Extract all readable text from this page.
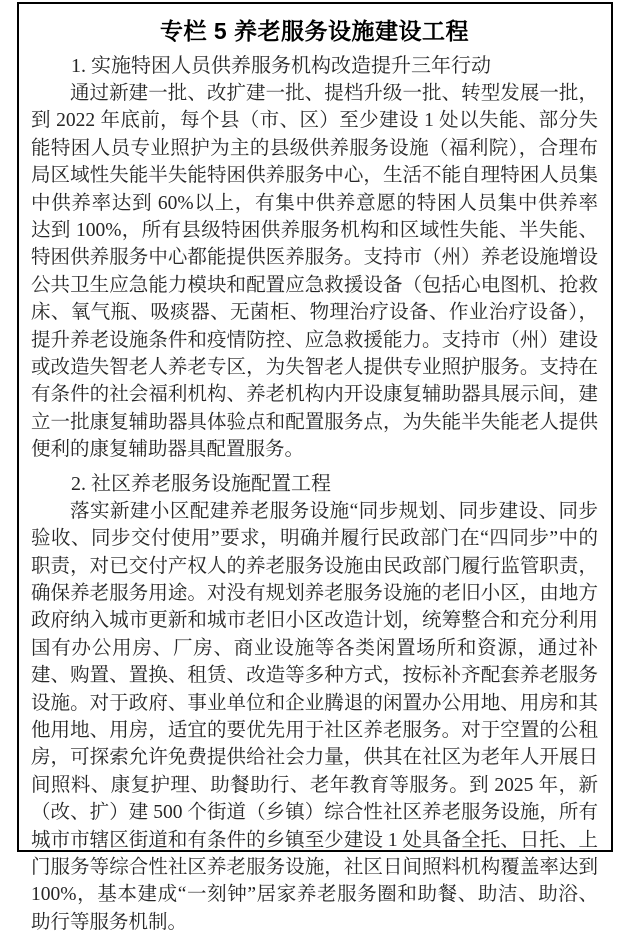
专栏 5 养老服务设施建设工程
1. 实施特困人员供养服务机构改造提升三年行动

通过新建一批、改扩建一批、提档升级一批、转型发展一批，到 2022 年底前，每个县（市、区）至少建设 1 处以失能、部分失能特困人员专业照护为主的县级供养服务设施（福利院），合理布局区域性失能半失能特困供养服务中心，生活不能自理特困人员集中供养率达到 60%以上，有集中供养意愿的特困人员集中供养率达到 100%，所有县级特困供养服务机构和区域性失能、半失能、特困供养服务中心都能提供医养服务。支持市（州）养老设施增设公共卫生应急能力模块和配置应急救援设备（包括心电图机、抢救床、氧气瓶、吸痰器、无菌柜、物理治疗设备、作业治疗设备），提升养老设施条件和疫情防控、应急救援能力。支持市（州）建设或改造失智老人养老专区，为失智老人提供专业照护服务。支持在有条件的社会福利机构、养老机构内开设康复辅助器具展示间，建立一批康复辅助器具体验点和配置服务点，为失能半失能老人提供便利的康复辅助器具配置服务。

2. 社区养老服务设施配置工程

落实新建小区配建养老服务设施“同步规划、同步建设、同步验收、同步交付使用”要求，明确并履行民政部门在“四同步”中的职责，对已交付产权人的养老服务设施由民政部门履行监管职责，确保养老服务用途。对没有规划养老服务设施的老旧小区，由地方政府纳入城市更新和城市老旧小区改造计划，统筹整合和充分利用国有办公用房、厂房、商业设施等各类闲置场所和资源，通过补建、购置、置换、租赁、改造等多种方式，按标补齐配套养老服务设施。对于政府、事业单位和企业腾退的闲置办公用地、用房和其他用地、用房，适宜的要优先用于社区养老服务。对于空置的公租房，可探索允许免费提供给社会力量，供其在社区为老年人开展日间照料、康复护理、助餐助行、老年教育等服务。到 2025 年，新（改、扩）建 500 个街道（乡镇）综合性社区养老服务设施，所有城市市辖区街道和有条件的乡镇至少建设 1 处具备全托、日托、上门服务等综合性社区养老服务设施，社区日间照料机构覆盖率达到 100%，基本建成“一刻钟”居家养老服务圈和助餐、助洁、助浴、助行等服务机制。
